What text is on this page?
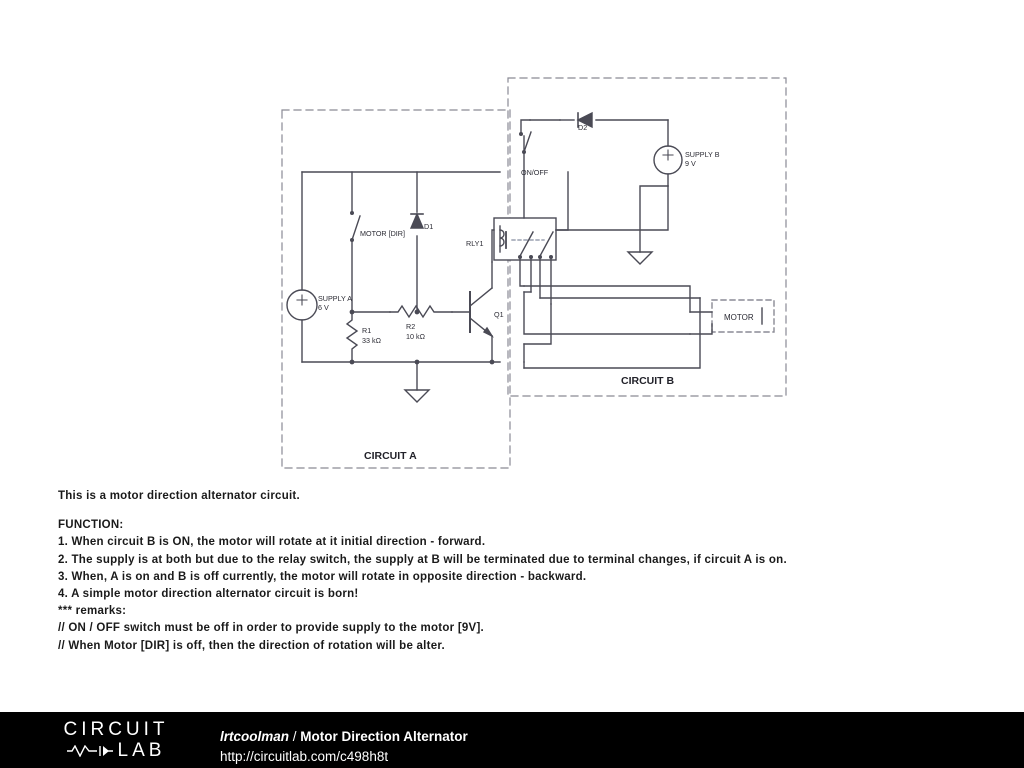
SUPPLY A
6 V
SUPPLY B
9 V
R1
33 kΩ
R2
10 kΩ
Q1
D1
D2
RLY1
MOTOR [DIR]
ON/OFF
MOTOR
CIRCUIT A
CIRCUIT B
This is a motor direction alternator circuit.
FUNCTION:
1. When circuit B is ON, the motor will rotate at it initial direction - forward.
2. The supply is at both but due to the relay switch, the supply at B will be terminated due to terminal changes, if circuit A is on.
3. When, A is on and B is off currently, the motor will rotate in opposite direction - backward.
4. A simple motor direction alternator circuit is born!
*** remarks:
// ON / OFF switch must be off in order to provide supply to the motor [9V].
// When Motor [DIR] is off, then the direction of rotation will be alter.
CIRCUIT
LAB
lrtcoolman / Motor Direction Alternator
http://circuitlab.com/c498h8t
